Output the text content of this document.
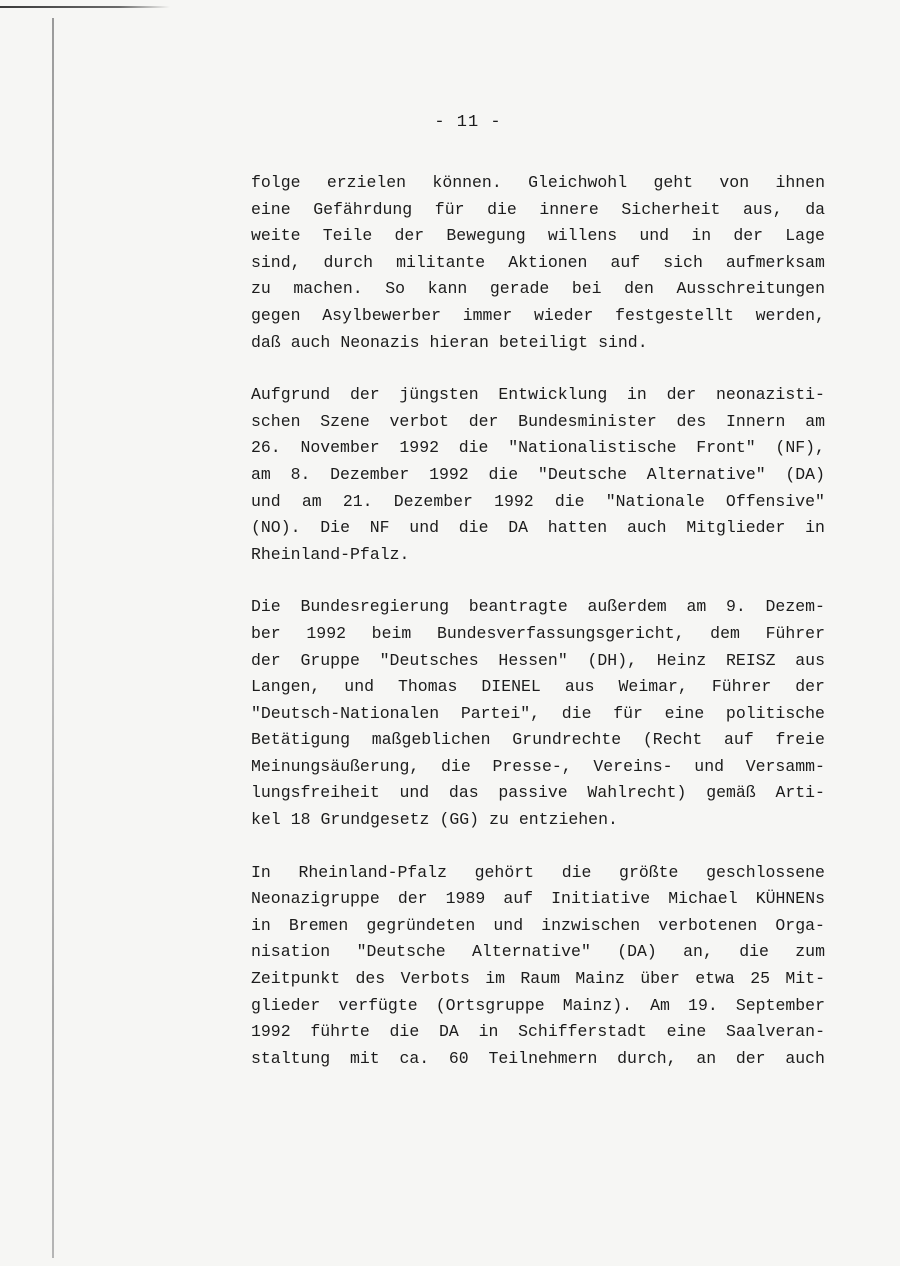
- 11 -
folge erzielen können. Gleichwohl geht von ihnen
eine Gefährdung für die innere Sicherheit aus, da
weite Teile der Bewegung willens und in der Lage
sind, durch militante Aktionen auf sich aufmerksam
zu machen. So kann gerade bei den Ausschreitungen
gegen Asylbewerber immer wieder festgestellt werden,
daß auch Neonazis hieran beteiligt sind.
Aufgrund der jüngsten Entwicklung in der neonazisti-
schen Szene verbot der Bundesminister des Innern am
26. November 1992 die "Nationalistische Front" (NF),
am 8. Dezember 1992 die "Deutsche Alternative" (DA)
und am 21. Dezember 1992 die "Nationale Offensive"
(NO). Die NF und die DA hatten auch Mitglieder in
Rheinland-Pfalz.
Die Bundesregierung beantragte außerdem am 9. Dezem-
ber 1992 beim Bundesverfassungsgericht, dem Führer
der Gruppe "Deutsches Hessen" (DH), Heinz REISZ aus
Langen, und Thomas DIENEL aus Weimar, Führer der
"Deutsch-Nationalen Partei", die für eine politische
Betätigung maßgeblichen Grundrechte (Recht auf freie
Meinungsäußerung, die Presse-, Vereins- und Versamm-
lungsfreiheit und das passive Wahlrecht) gemäß Arti-
kel 18 Grundgesetz (GG) zu entziehen.
In Rheinland-Pfalz gehört die größte geschlossene
Neonazigruppe der 1989 auf Initiative Michael KÜHNENs
in Bremen gegründeten und inzwischen verbotenen Orga-
nisation "Deutsche Alternative" (DA) an, die zum
Zeitpunkt des Verbots im Raum Mainz über etwa 25 Mit-
glieder verfügte (Ortsgruppe Mainz). Am 19. September
1992 führte die DA in Schifferstadt eine Saalveran-
staltung mit ca. 60 Teilnehmern durch, an der auch
